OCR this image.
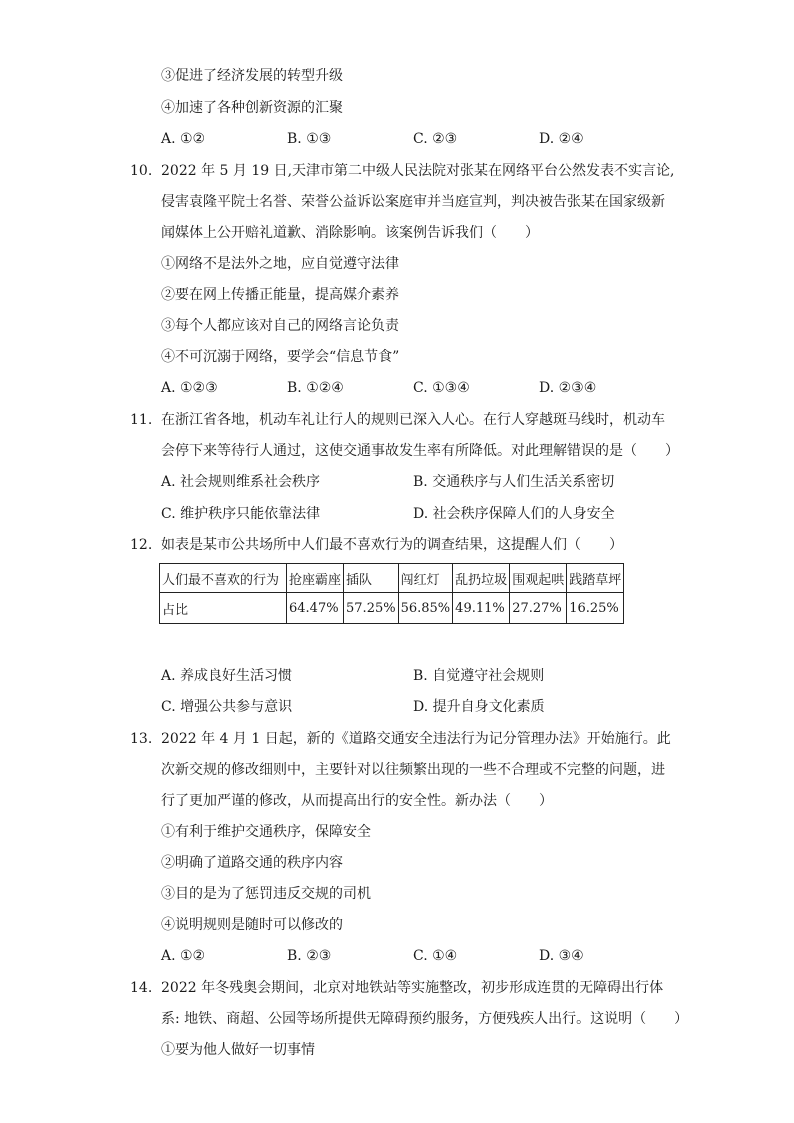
③促进了经济发展的转型升级
④加速了各种创新资源的汇聚
A. ①②	B. ①③	C. ②③	D. ②④
10. 2022 年 5 月 19 日,天津市第二中级人民法院对张某在网络平台公然发表不实言论,
侵害袁隆平院士名誉、荣誉公益诉讼案庭审并当庭宣判，判决被告张某在国家级新
闻媒体上公开赔礼道歉、消除影响。该案例告诉我们（　　）
①网络不是法外之地，应自觉遵守法律
②要在网上传播正能量，提高媒介素养
③每个人都应该对自己的网络言论负责
④不可沉溺于网络，要学会“信息节食”
A. ①②③	B. ①②④	C. ①③④	D. ②③④
11. 在浙江省各地，机动车礼让行人的规则已深入人心。在行人穿越斑马线时，机动车
会停下来等待行人通过，这使交通事故发生率有所降低。对此理解错误的是（　　）
A. 社会规则维系社会秩序	B. 交通秩序与人们生活关系密切
C. 维护秩序只能依靠法律	D. 社会秩序保障人们的人身安全
12. 如表是某市公共场所中人们最不喜欢行为的调查结果，这提醒人们（　　）
人们最不喜欢的行为	抢座霸座	插队	闯红灯	乱扔垃圾	围观起哄	践踏草坪
占比	64.47%	57.25%	56.85%	49.11%	27.27%	16.25%
A. 养成良好生活习惯	B. 自觉遵守社会规则
C. 增强公共参与意识	D. 提升自身文化素质
13. 2022 年 4 月 1 日起，新的《道路交通安全违法行为记分管理办法》开始施行。此
次新交规的修改细则中，主要针对以往频繁出现的一些不合理或不完整的问题，进
行了更加严谨的修改，从而提高出行的安全性。新办法（　　）
①有利于维护交通秩序，保障安全
②明确了道路交通的秩序内容
③目的是为了惩罚违反交规的司机
④说明规则是随时可以修改的
A. ①②	B. ②③	C. ①④	D. ③④
14. 2022 年冬残奥会期间，北京对地铁站等实施整改，初步形成连贯的无障碍出行体
系: 地铁、商超、公园等场所提供无障碍预约服务，方便残疾人出行。这说明（　　）
①要为他人做好一切事情
